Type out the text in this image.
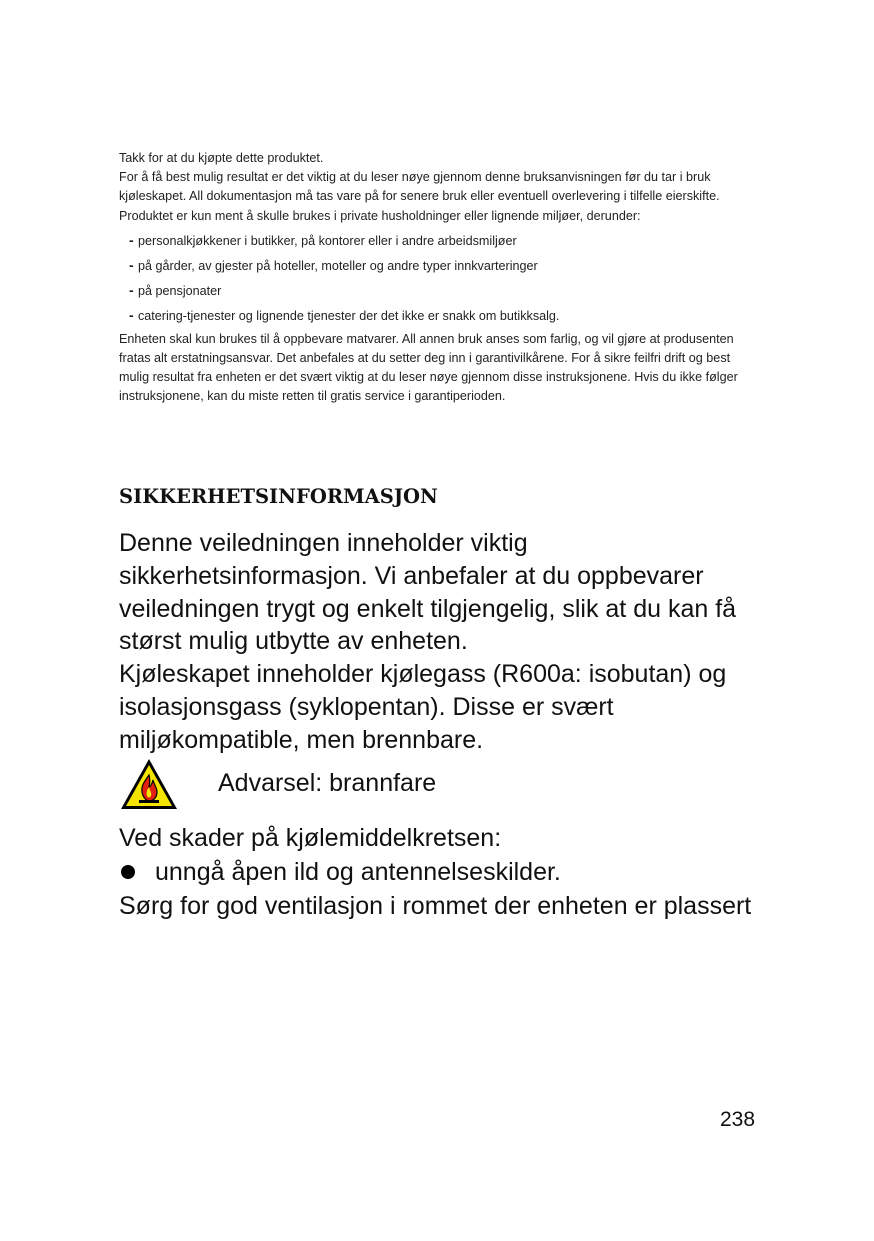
Takk for at du kjøpte dette produktet.

For å få best mulig resultat er det viktig at du leser nøye gjennom denne bruksanvisningen før du tar i bruk kjøleskapet. All dokumentasjon må tas vare på for senere bruk eller eventuell overlevering i tilfelle eierskifte. Produktet er kun ment å skulle brukes i private husholdninger eller lignende miljøer, derunder:

- personalkjøkkener i butikker, på kontorer eller i andre arbeidsmiljøer
- på gårder, av gjester på hoteller, moteller og andre typer innkvarteringer
- på pensjonater
- catering-tjenester og lignende tjenester der det ikke er snakk om butikksalg.

Enheten skal kun brukes til å oppbevare matvarer. All annen bruk anses som farlig, og vil gjøre at produsenten fratas alt erstatningsansvar. Det anbefales at du setter deg inn i garantivilkårene. For å sikre feilfri drift og best mulig resultat fra enheten er det svært viktig at du leser nøye gjennom disse instruksjonene. Hvis du ikke følger instruksjonene, kan du miste retten til gratis service i garantiperioden.

SIKKERHETSINFORMASJON

Denne veiledningen inneholder viktig sikkerhetsinformasjon. Vi anbefaler at du oppbevarer veiledningen trygt og enkelt tilgjengelig, slik at du kan få størst mulig utbytte av enheten.

Kjøleskapet inneholder kjølegass (R600a: isobutan) og isolasjonsgass (syklopentan). Disse er svært miljøkompatible, men brennbare.

Advarsel: brannfare

Ved skader på kjølemiddelkretsen:

unngå åpen ild og antennelseskilder.

Sørg for god ventilasjon i rommet der enheten er plassert

238
